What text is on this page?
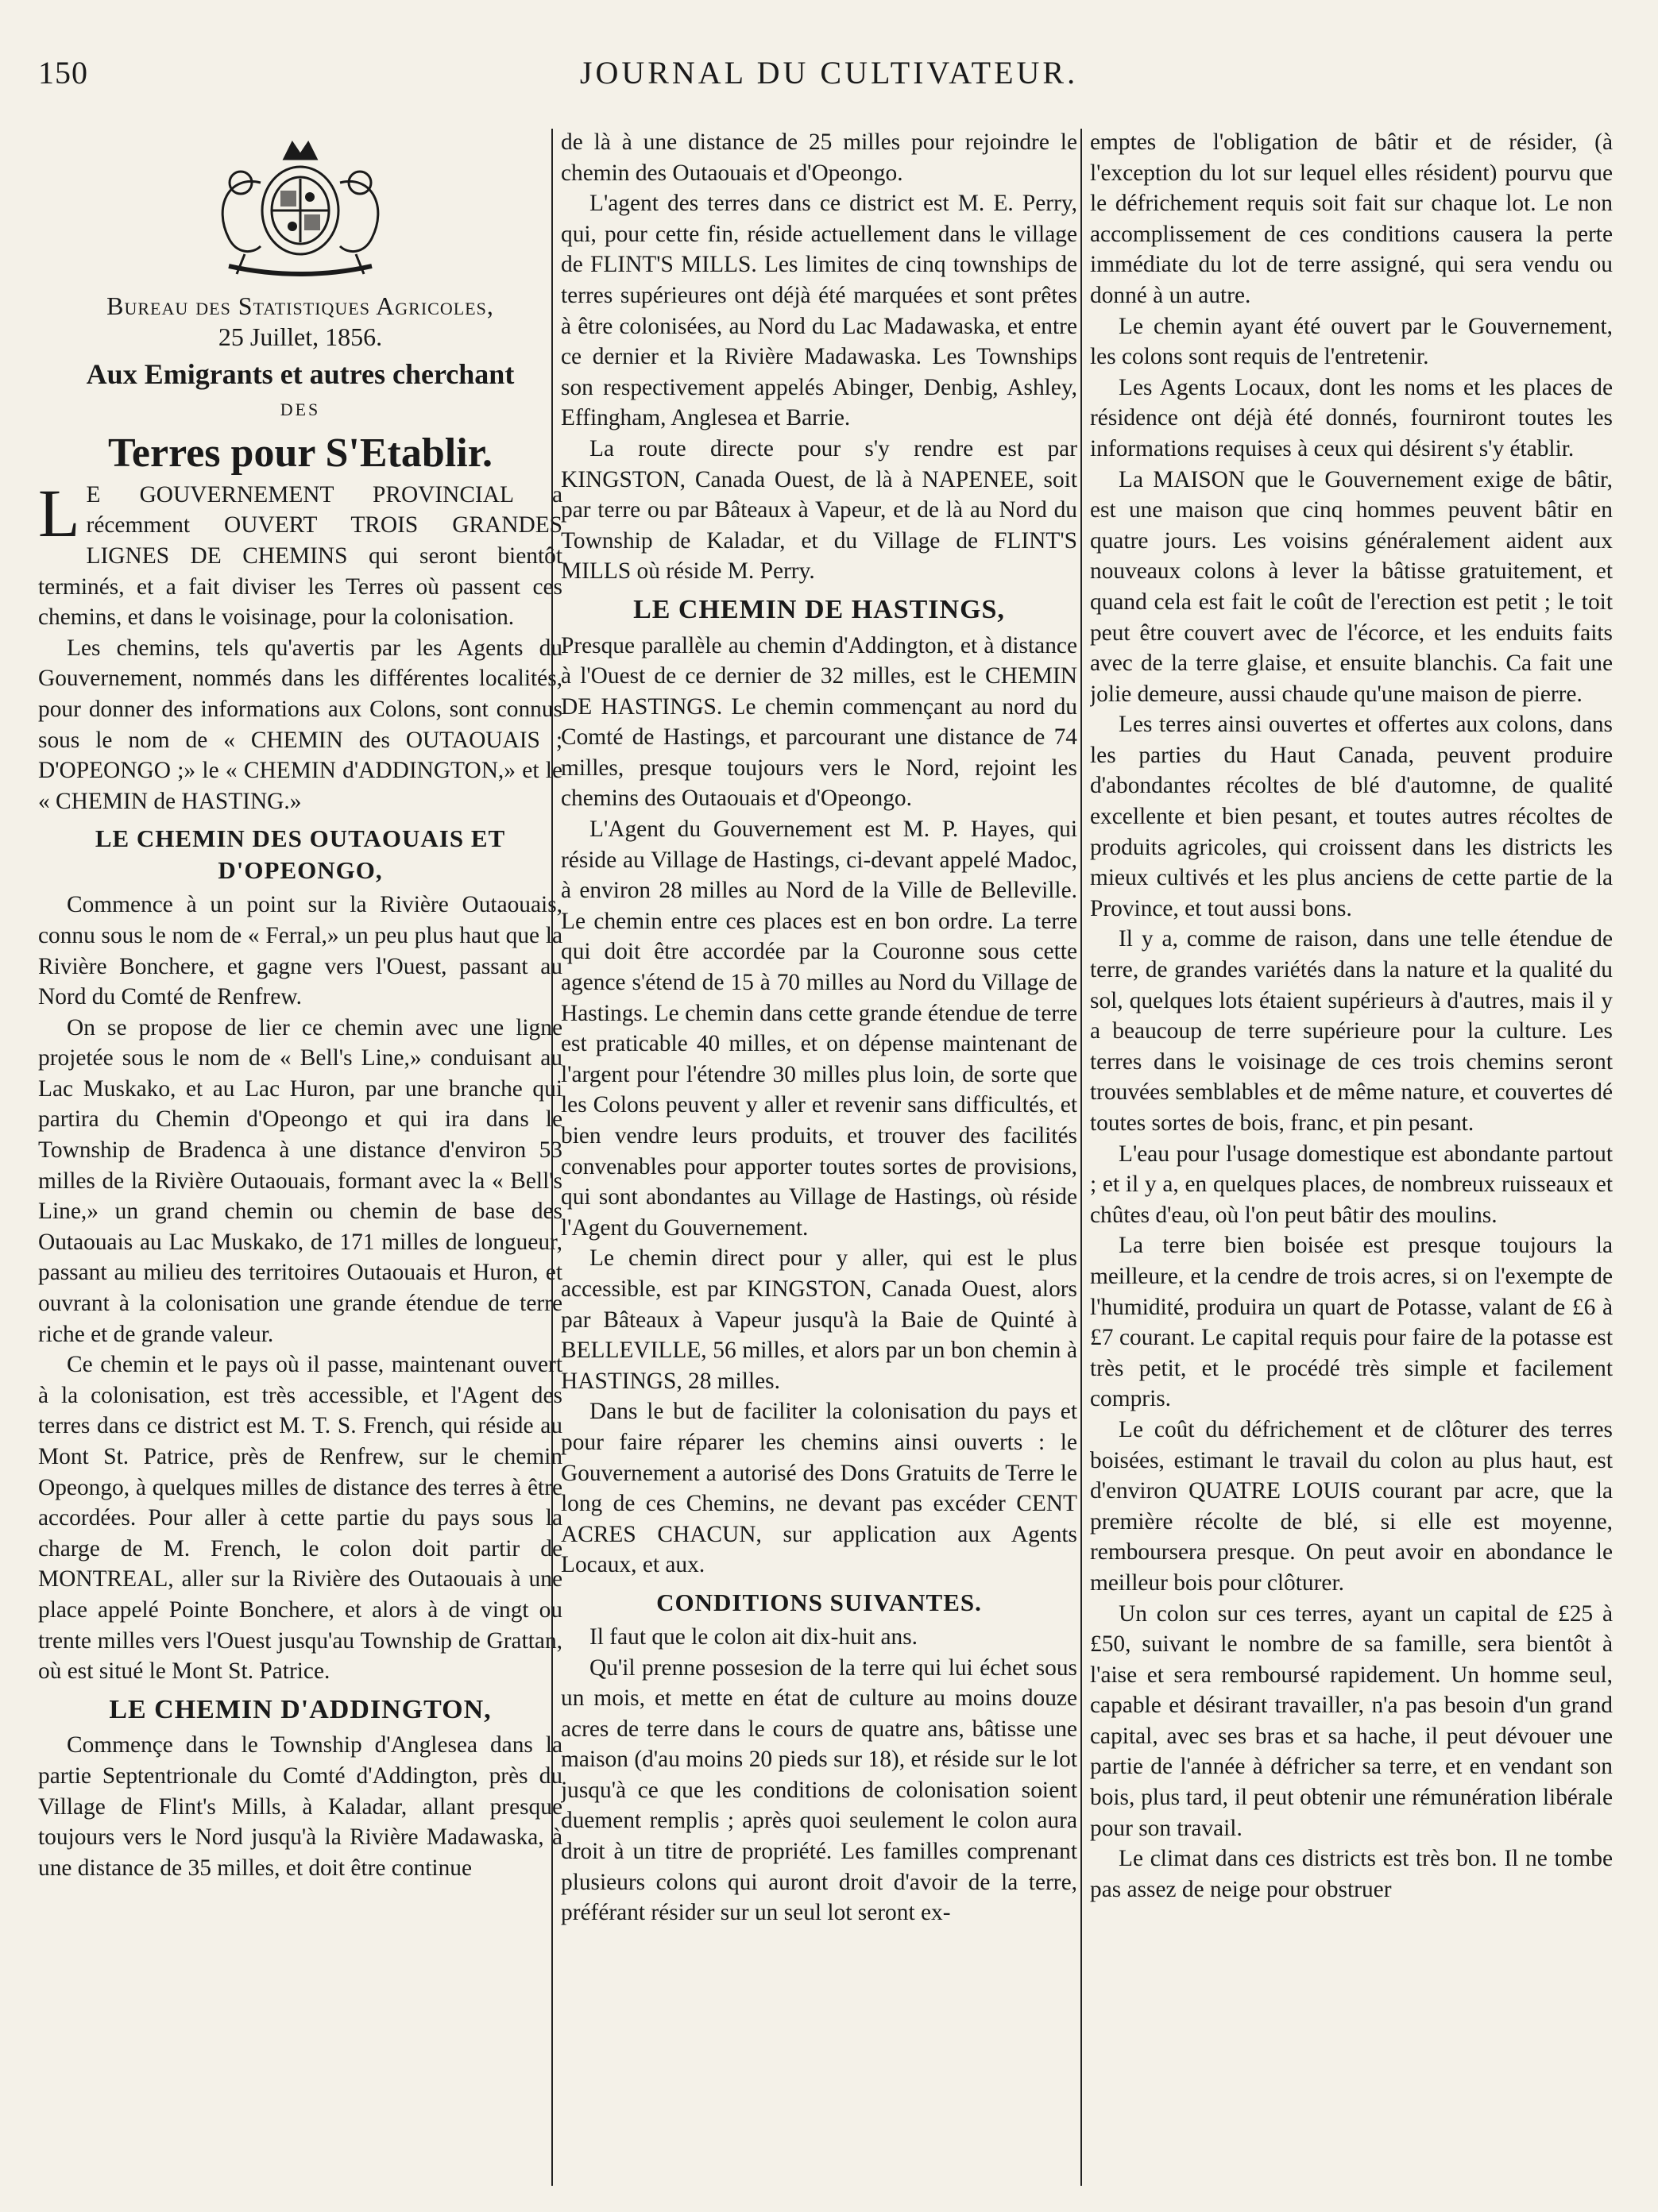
150	JOURNAL DU CULTIVATEUR.
Bureau des Statistiques Agricoles,
25 Juillet, 1856.
Aux Emigrants et autres cherchant
DES
Terres pour S'Etablir.

L E GOUVERNEMENT PROVINCIAL a récemment OUVERT TROIS GRANDES LIGNES DE CHEMINS qui seront bientôt terminés, et a fait diviser les Terres où passent ces chemins, et dans le voisinage, pour la colonisation.

Les chemins, tels qu'avertis par les Agents du Gouvernement, nommés dans les différentes localités, pour donner des informations aux Colons, sont connus sous le nom de « CHEMIN des OUTAOUAIS ; D'OPEONGO ;» le « CHEMIN d'ADDINGTON,» et le « CHEMIN de HASTING.»

LE CHEMIN DES OUTAOUAIS ET D'OPEONGO,

Commence à un point sur la Rivière Outaouais, connu sous le nom de « Ferral,» un peu plus haut que la Rivière Bonchere, et gagne vers l'Ouest, passant au Nord du Comté de Renfrew.

On se propose de lier ce chemin avec une ligne projetée sous le nom de « Bell's Line,» conduisant au Lac Muskako, et au Lac Huron, par une branche qui partira du Chemin d'Opeongo et qui ira dans le Township de Bradenca à une distance d'environ 53 milles de la Rivière Outaouais, formant avec la « Bell's Line,» un grand chemin ou chemin de base des Outaouais au Lac Muskako, de 171 milles de longueur, passant au milieu des territoires Outaouais et Huron, et ouvrant à la colonisation une grande étendue de terre riche et de grande valeur.

Ce chemin et le pays où il passe, maintenant ouvert à la colonisation, est très accessible, et l'Agent des terres dans ce district est M. T. S. French, qui réside au Mont St. Patrice, près de Renfrew, sur le chemin Opeongo, à quelques milles de distance des terres à être accordées. Pour aller à cette partie du pays sous la charge de M. French, le colon doit partir de MONTREAL, aller sur la Rivière des Outaouais à une place appelé Pointe Bonchere, et alors à de vingt ou trente milles vers l'Ouest jusqu'au Township de Grattan, où est situé le Mont St. Patrice.

LE CHEMIN D'ADDINGTON,

Commençe dans le Township d'Anglesea dans la partie Septentrionale du Comté d'Addington, près du Village de Flint's Mills, à Kaladar, allant presque toujours vers le Nord jusqu'à la Rivière Madawaska, à une distance de 35 milles, et doit être continue

de là à une distance de 25 milles pour rejoindre le chemin des Outaouais et d'Opeongo.

L'agent des terres dans ce district est M. E. Perry, qui, pour cette fin, réside actuellement dans le village de FLINT'S MILLS. Les limites de cinq townships de terres supérieures ont déjà été marquées et sont prêtes à être colonisées, au Nord du Lac Madawaska, et entre ce dernier et la Rivière Madawaska. Les Townships son respectivement appelés Abinger, Denbig, Ashley, Effingham, Anglesea et Barrie.

La route directe pour s'y rendre est par KINGSTON, Canada Ouest, de là à NAPENEE, soit par terre ou par Bâteaux à Vapeur, et de là au Nord du Township de Kaladar, et du Village de FLINT'S MILLS où réside M. Perry.

LE CHEMIN DE HASTINGS,

Presque parallèle au chemin d'Addington, et à distance à l'Ouest de ce dernier de 32 milles, est le CHEMIN DE HASTINGS. Le chemin commençant au nord du Comté de Hastings, et parcourant une distance de 74 milles, presque toujours vers le Nord, rejoint les chemins des Outaouais et d'Opeongo.

L'Agent du Gouvernement est M. P. Hayes, qui réside au Village de Hastings, ci-devant appelé Madoc, à environ 28 milles au Nord de la Ville de Belleville. Le chemin entre ces places est en bon ordre. La terre qui doit être accordée par la Couronne sous cette agence s'étend de 15 à 70 milles au Nord du Village de Hastings. Le chemin dans cette grande étendue de terre est praticable 40 milles, et on dépense maintenant de l'argent pour l'étendre 30 milles plus loin, de sorte que les Colons peuvent y aller et revenir sans difficultés, et bien vendre leurs produits, et trouver des facilités convenables pour apporter toutes sortes de provisions, qui sont abondantes au Village de Hastings, où réside l'Agent du Gouvernement.

Le chemin direct pour y aller, qui est le plus accessible, est par KINGSTON, Canada Ouest, alors par Bâteaux à Vapeur jusqu'à la Baie de Quinté à BELLEVILLE, 56 milles, et alors par un bon chemin à HASTINGS, 28 milles.

Dans le but de faciliter la colonisation du pays et pour faire réparer les chemins ainsi ouverts : le Gouvernement a autorisé des Dons Gratuits de Terre le long de ces Chemins, ne devant pas excéder CENT ACRES CHACUN, sur application aux Agents Locaux, et aux.

CONDITIONS SUIVANTES.

Il faut que le colon ait dix-huit ans.

Qu'il prenne possesion de la terre qui lui échet sous un mois, et mette en état de culture au moins douze acres de terre dans le cours de quatre ans, bâtisse une maison (d'au moins 20 pieds sur 18), et réside sur le lot jusqu'à ce que les conditions de colonisation soient duement remplis ; après quoi seulement le colon aura droit à un titre de propriété. Les familles comprenant plusieurs colons qui auront droit d'avoir de la terre, préférant résider sur un seul lot seront ex-

emptes de l'obligation de bâtir et de résider, (à l'exception du lot sur lequel elles résident) pourvu que le défrichement requis soit fait sur chaque lot. Le non accomplissement de ces conditions causera la perte immédiate du lot de terre assigné, qui sera vendu ou donné à un autre.

Le chemin ayant été ouvert par le Gouvernement, les colons sont requis de l'entretenir.

Les Agents Locaux, dont les noms et les places de résidence ont déjà été donnés, fourniront toutes les informations requises à ceux qui désirent s'y établir.

La MAISON que le Gouvernement exige de bâtir, est une maison que cinq hommes peuvent bâtir en quatre jours. Les voisins généralement aident aux nouveaux colons à lever la bâtisse gratuitement, et quand cela est fait le coût de l'erection est petit ; le toit peut être couvert avec de l'écorce, et les enduits faits avec de la terre glaise, et ensuite blanchis. Ca fait une jolie demeure, aussi chaude qu'une maison de pierre.

Les terres ainsi ouvertes et offertes aux colons, dans les parties du Haut Canada, peuvent produire d'abondantes récoltes de blé d'automne, de qualité excellente et bien pesant, et toutes autres récoltes de produits agricoles, qui croissent dans les districts les mieux cultivés et les plus anciens de cette partie de la Province, et tout aussi bons.

Il y a, comme de raison, dans une telle étendue de terre, de grandes variétés dans la nature et la qualité du sol, quelques lots étaient supérieurs à d'autres, mais il y a beaucoup de terre supérieure pour la culture. Les terres dans le voisinage de ces trois chemins seront trouvées semblables et de même nature, et couvertes dé toutes sortes de bois, franc, et pin pesant.

L'eau pour l'usage domestique est abondante partout ; et il y a, en quelques places, de nombreux ruisseaux et chûtes d'eau, où l'on peut bâtir des moulins.

La terre bien boisée est presque toujours la meilleure, et la cendre de trois acres, si on l'exempte de l'humidité, produira un quart de Potasse, valant de £6 à £7 courant. Le capital requis pour faire de la potasse est très petit, et le procédé très simple et facilement compris.

Le coût du défrichement et de clôturer des terres boisées, estimant le travail du colon au plus haut, est d'environ QUATRE LOUIS courant par acre, que la première récolte de blé, si elle est moyenne, remboursera presque. On peut avoir en abondance le meilleur bois pour clôturer.

Un colon sur ces terres, ayant un capital de £25 à £50, suivant le nombre de sa famille, sera bientôt à l'aise et sera remboursé rapidement. Un homme seul, capable et désirant travailler, n'a pas besoin d'un grand capital, avec ses bras et sa hache, il peut dévouer une partie de l'année à défricher sa terre, et en vendant son bois, plus tard, il peut obtenir une rémunération libérale pour son travail.

Le climat dans ces districts est très bon. Il ne tombe pas assez de neige pour obstruer
